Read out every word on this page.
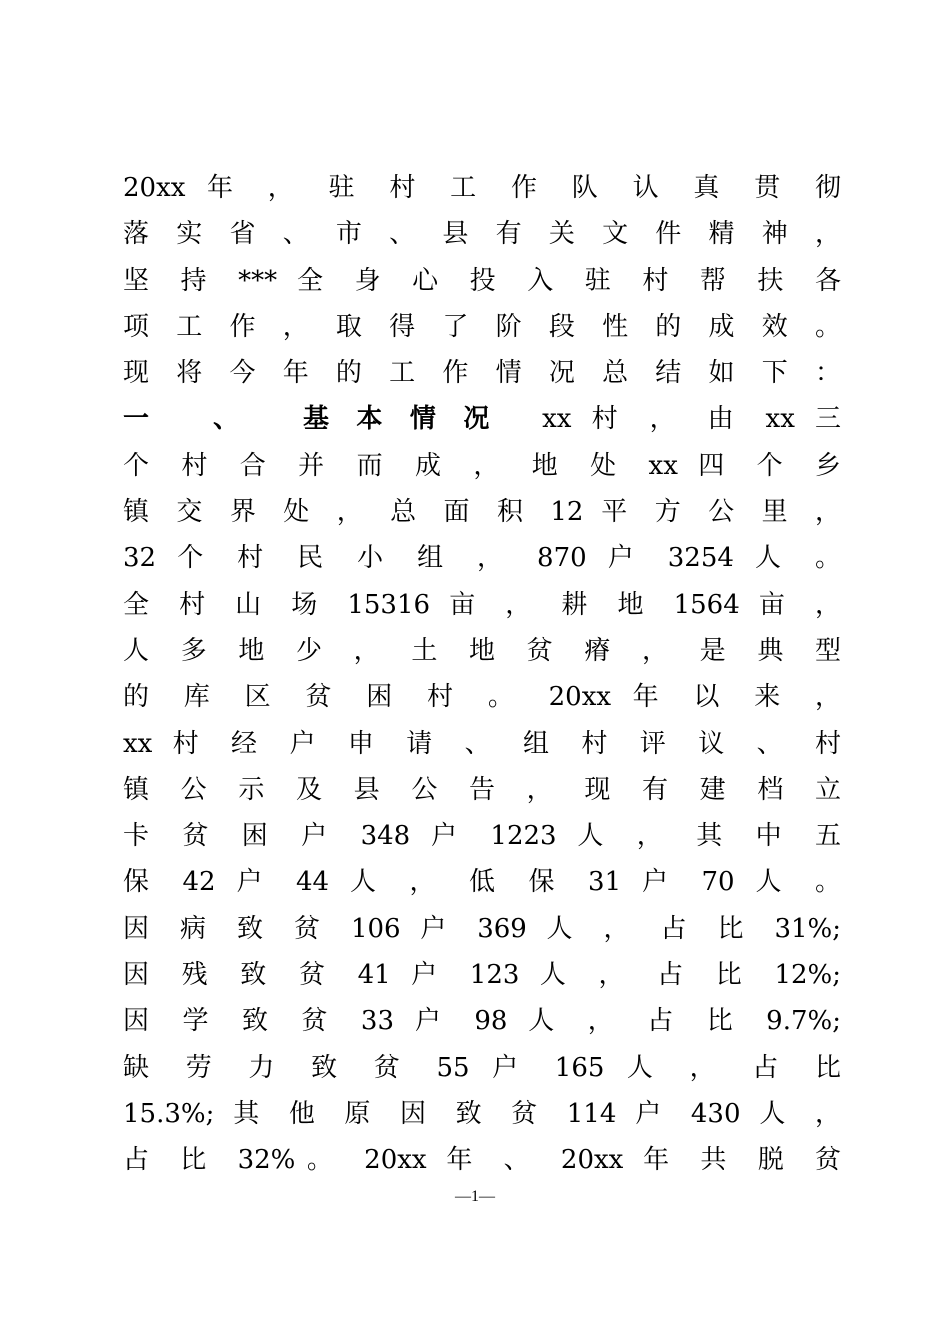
20xx 年 ， 驻 村 工 作 队 认 真 贯 彻
落 实 省 、 市 、 县 有 关 文 件 精 神 ，
坚 持 *** 全 身 心 投 入 驻 村 帮 扶 各
项 工 作 ， 取 得 了 阶 段 性 的 成 效 。
现 将 今 年 的 工 作 情 况 总 结 如 下 ：
一 、 基本情况 xx 村 ， 由 xx 三
个 村 合 并 而 成 ， 地 处 xx 四 个 乡
镇 交 界 处 ， 总 面 积 12 平 方 公 里 ，
32 个 村 民 小 组 ， 870 户 3254 人 。
全 村 山 场 15316 亩 ， 耕 地 1564 亩 ，
人 多 地 少 ， 土 地 贫 瘠 ， 是 典 型
的 库 区 贫 困 村 。 20xx 年 以 来 ，
xx 村 经 户 申 请 、 组 村 评 议 、 村
镇 公 示 及 县 公 告 ， 现 有 建 档 立
卡 贫 困 户 348 户 1223 人 ， 其 中 五
保 42 户 44 人 ， 低 保 31 户 70 人 。
因 病 致 贫 106 户 369 人 ， 占 比 31%;
因 残 致 贫 41 户 123 人 ， 占 比 12%;
因 学 致 贫 33 户 98 人 ， 占 比 9.7%;
缺 劳 力 致 贫 55 户 165 人 ， 占 比
15.3%; 其 他 原 因 致 贫 114 户 430 人 ，
占 比 32%。 20xx 年 、 20xx 年 共 脱 贫
—1—
